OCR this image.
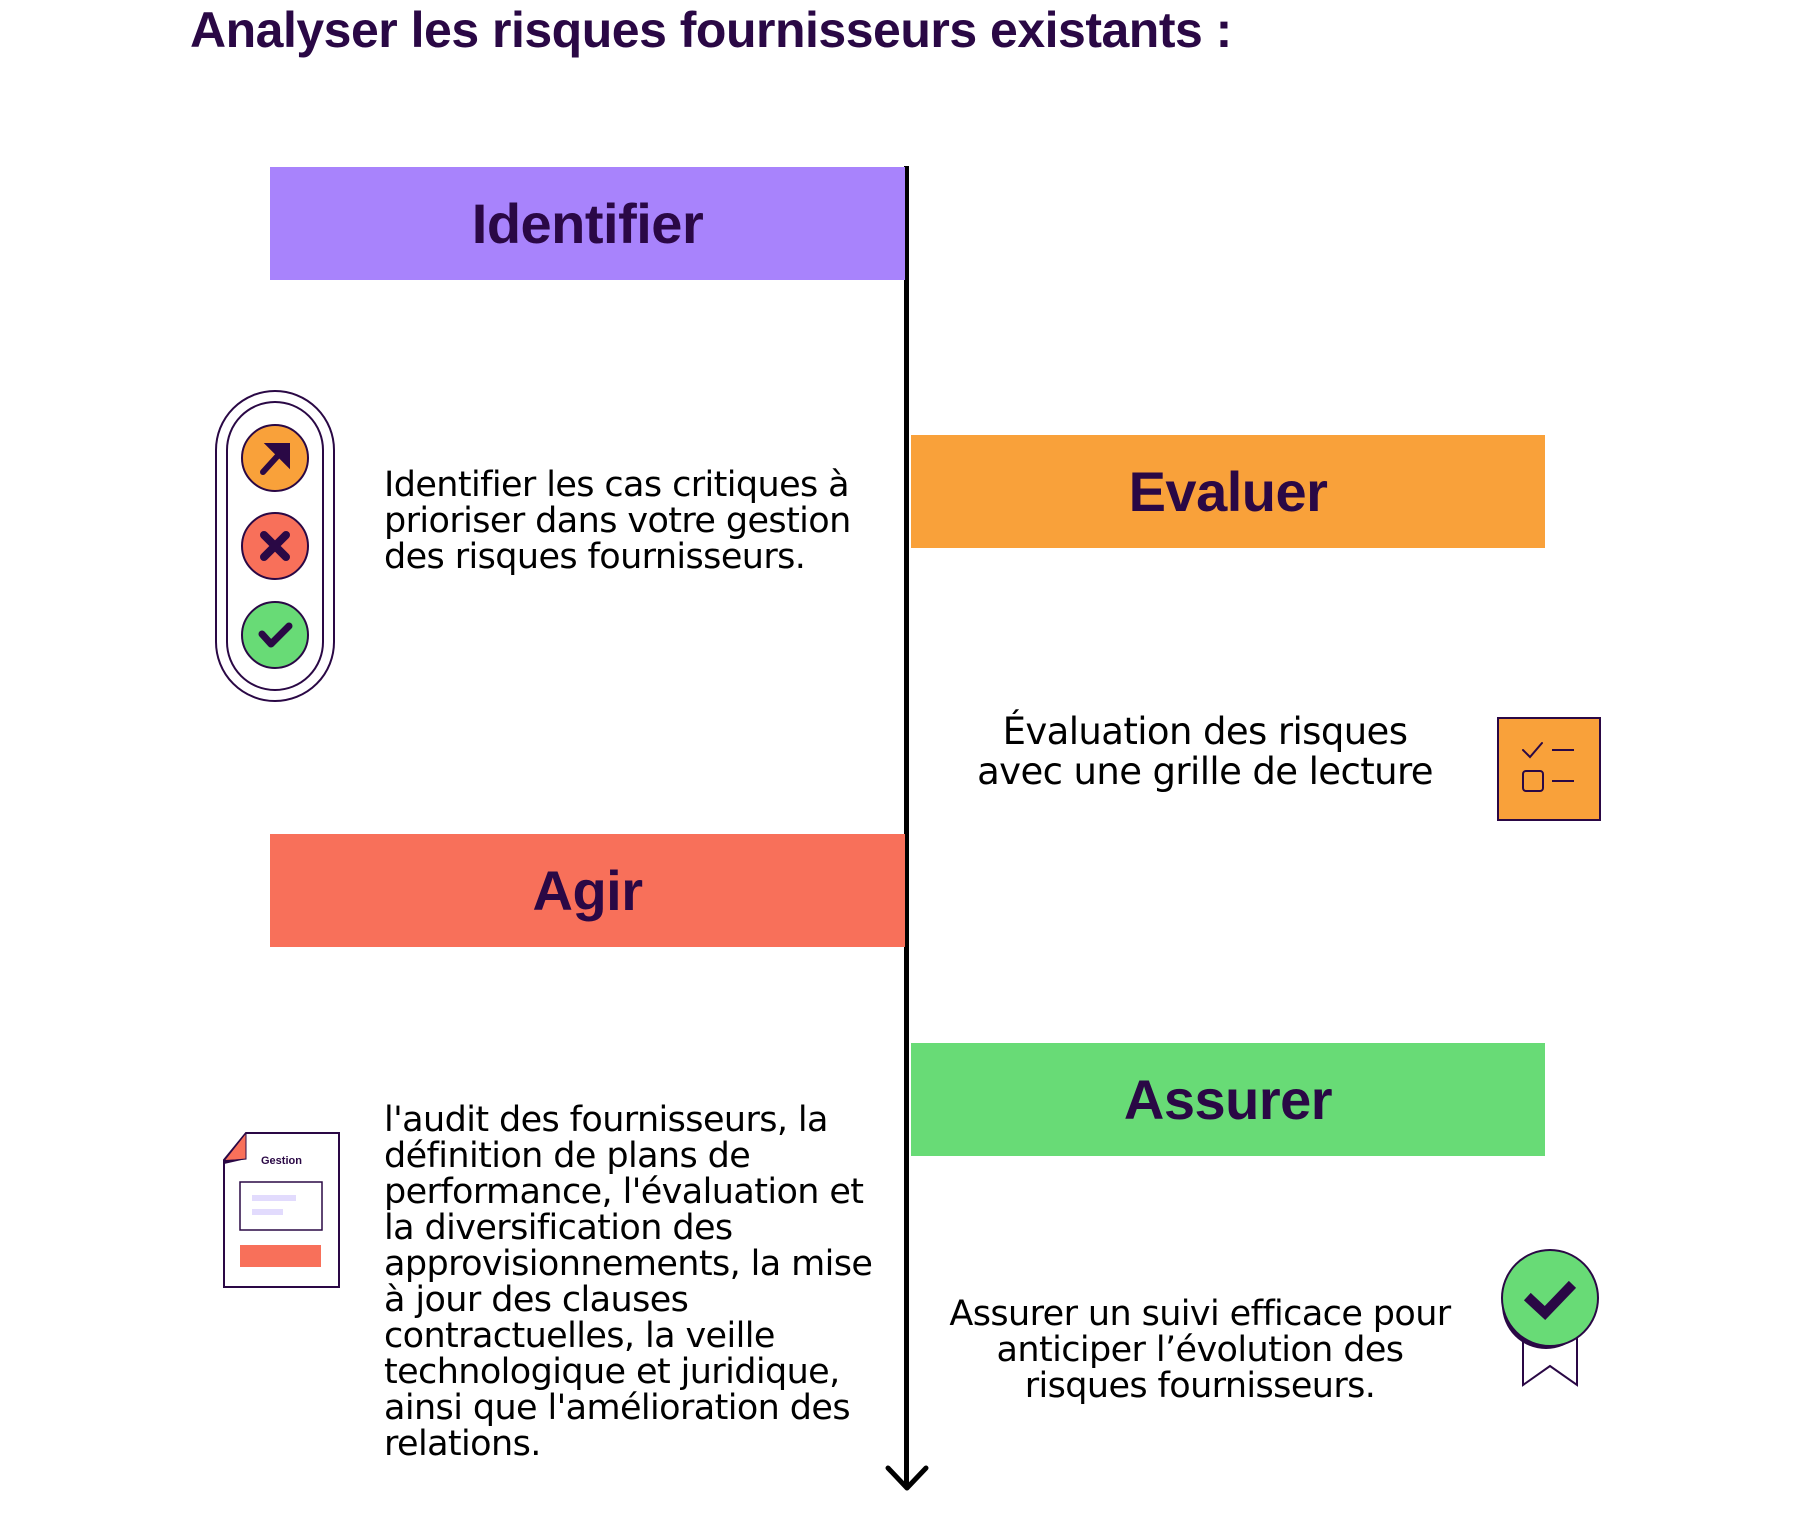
Analyser les risques fournisseurs existants :
Identifier
Identifier les cas critiques à prioriser dans votre gestion des risques fournisseurs.
Evaluer
Évaluation des risques avec une grille de lecture
Agir
Gestion
l'audit des fournisseurs, la définition de plans de performance, l'évaluation et la diversification des approvisionnements, la mise à jour des clauses contractuelles, la veille technologique et juridique, ainsi que l'amélioration des relations.
Assurer
Assurer un suivi efficace pour anticiper l’évolution des risques fournisseurs.
